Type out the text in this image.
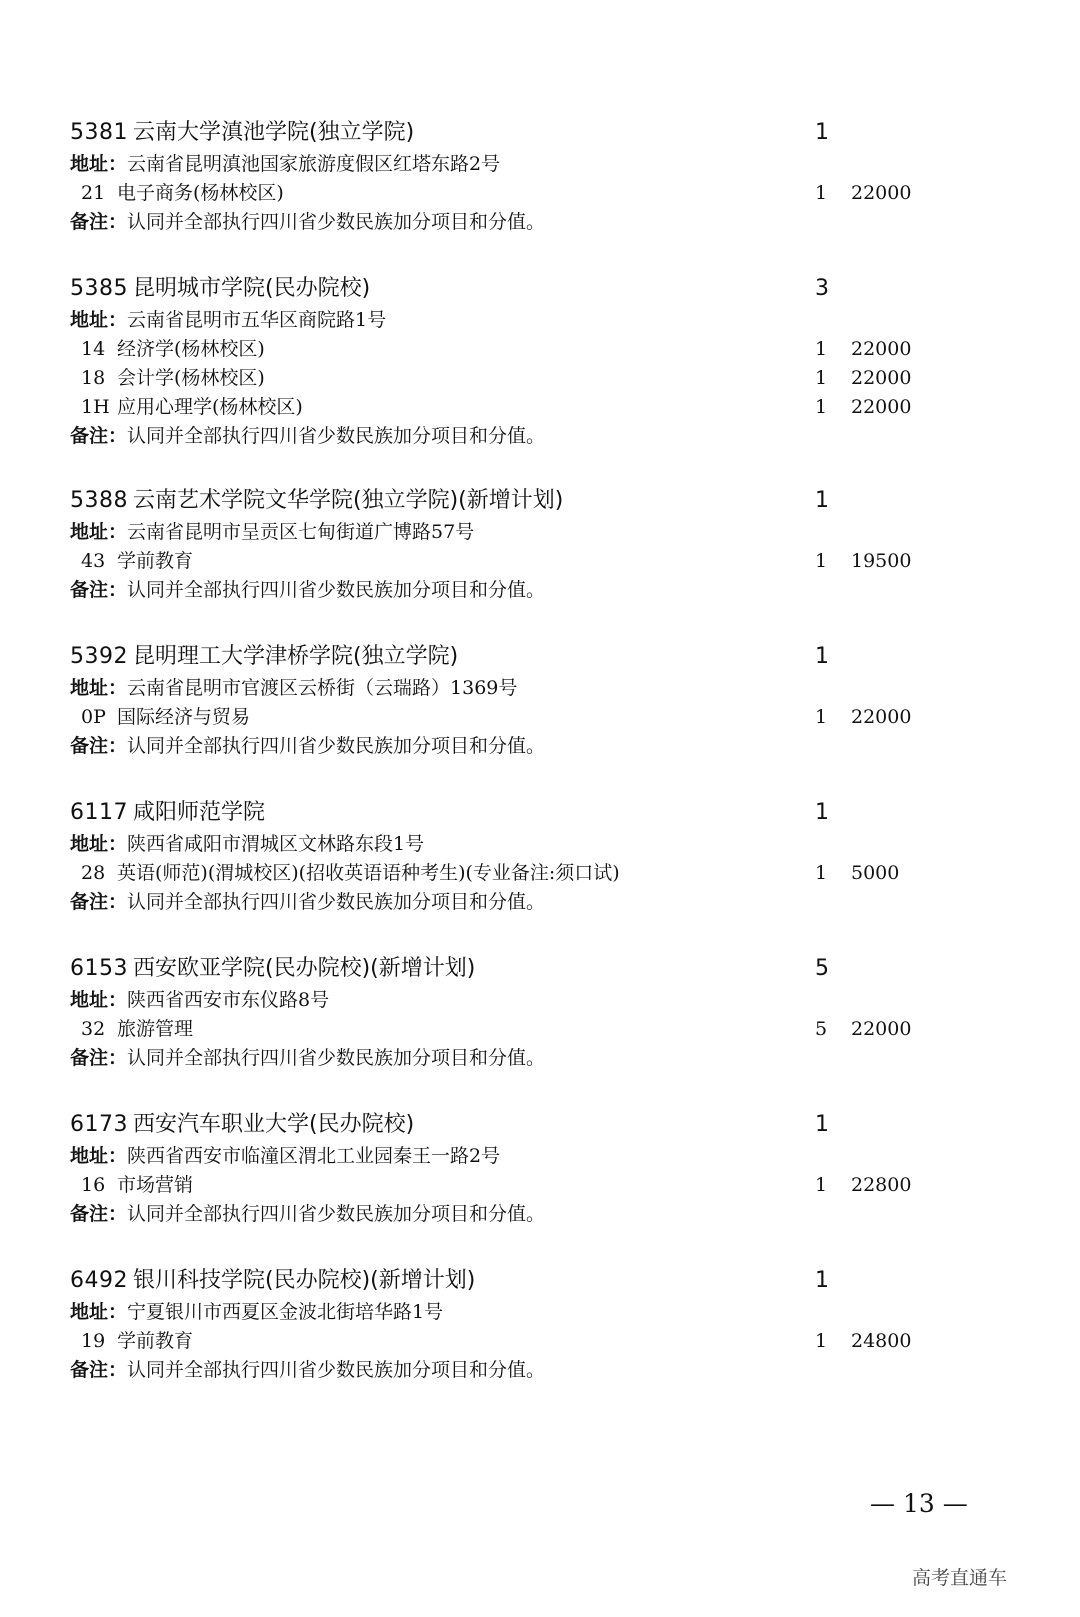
5381 云南大学滇池学院(独立学院)	1
地址：云南省昆明滇池国家旅游度假区红塔东路2号
21 电子商务(杨林校区)	1 22000
备注：认同并全部执行四川省少数民族加分项目和分值。
5385 昆明城市学院(民办院校)	3
地址：云南省昆明市五华区商院路1号
14 经济学(杨林校区)	1 22000
18 会计学(杨林校区)	1 22000
1H 应用心理学(杨林校区)	1 22000
备注：认同并全部执行四川省少数民族加分项目和分值。
5388 云南艺术学院文华学院(独立学院)(新增计划)	1
地址：云南省昆明市呈贡区七甸街道广博路57号
43 学前教育	1 19500
备注：认同并全部执行四川省少数民族加分项目和分值。
5392 昆明理工大学津桥学院(独立学院)	1
地址：云南省昆明市官渡区云桥街（云瑞路）1369号
0P 国际经济与贸易	1 22000
备注：认同并全部执行四川省少数民族加分项目和分值。
6117 咸阳师范学院	1
地址：陕西省咸阳市渭城区文林路东段1号
28 英语(师范)(渭城校区)(招收英语语种考生)(专业备注:须口试)	1 5000
备注：认同并全部执行四川省少数民族加分项目和分值。
6153 西安欧亚学院(民办院校)(新增计划)	5
地址：陕西省西安市东仪路8号
32 旅游管理	5 22000
备注：认同并全部执行四川省少数民族加分项目和分值。
6173 西安汽车职业大学(民办院校)	1
地址：陕西省西安市临潼区渭北工业园秦王一路2号
16 市场营销	1 22800
备注：认同并全部执行四川省少数民族加分项目和分值。
6492 银川科技学院(民办院校)(新增计划)	1
地址：宁夏银川市西夏区金波北街培华路1号
19 学前教育	1 24800
备注：认同并全部执行四川省少数民族加分项目和分值。
— 13 —
高考直通车
